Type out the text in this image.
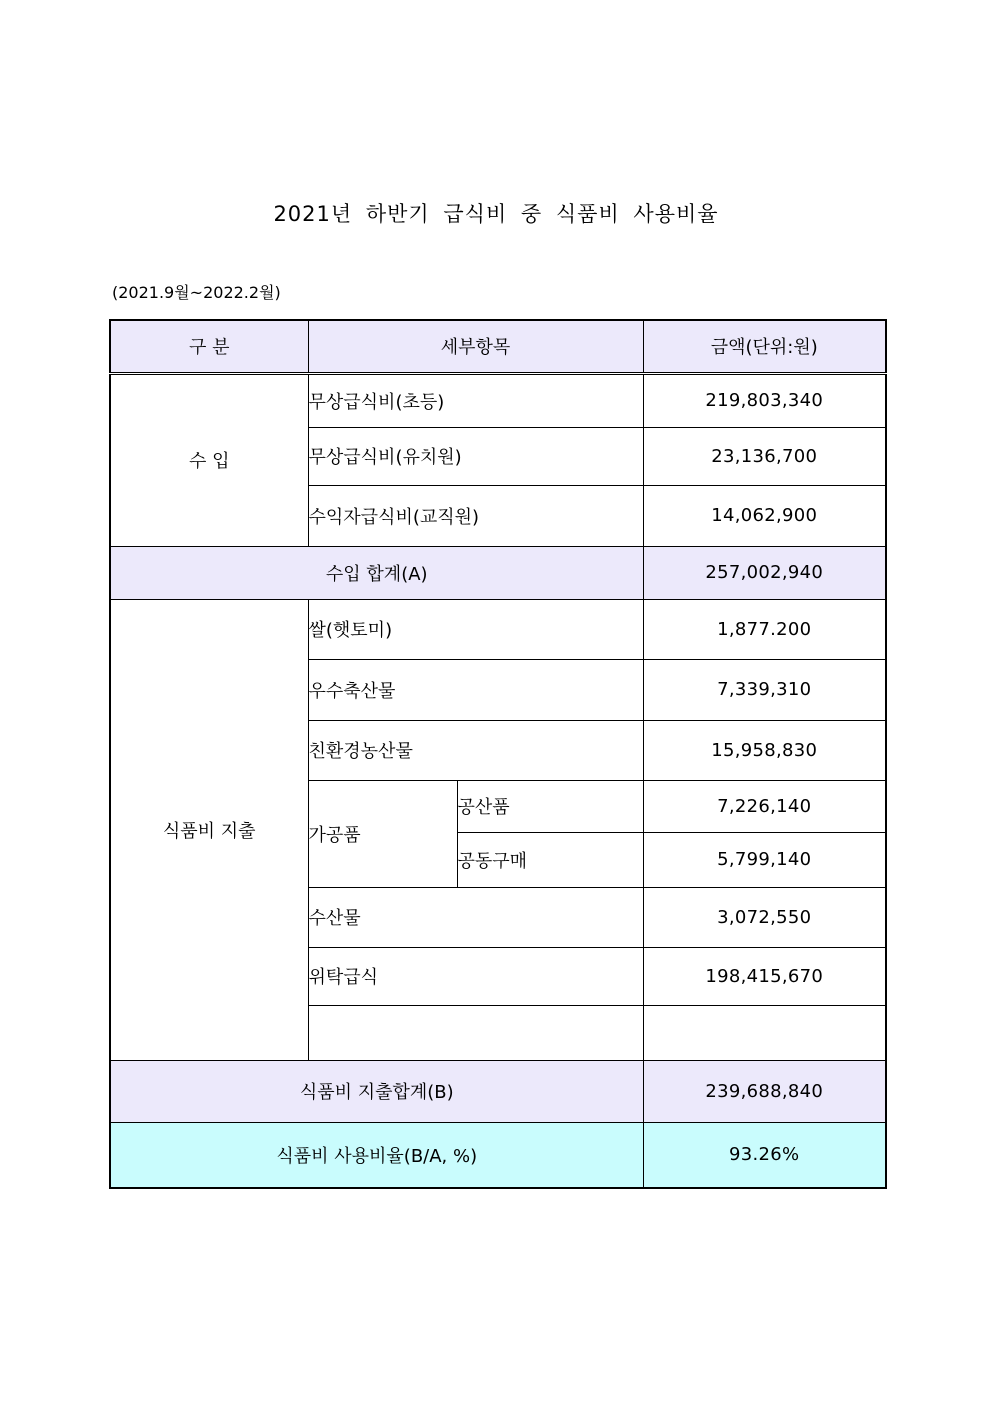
2021년 하반기 급식비 중 식품비 사용비율
(2021.9월~2022.2월)
구 분	세부항목		금액(단위:원)
수 입	무상급식비(초등)		219,803,340
	무상급식비(유치원)		23,136,700
	수익자급식비(교직원)		14,062,900
수입 합계(A)			257,002,940
식품비 지출	쌀(햇토미)		1,877.200
	우수축산물		7,339,310
	친환경농산물		15,958,830
	가공품	공산품	7,226,140
		공동구매	5,799,140
	수산물		3,072,550
	위탁급식		198,415,670

식품비 지출합계(B)			239,688,840
식품비 사용비율(B/A, %)			93.26%
